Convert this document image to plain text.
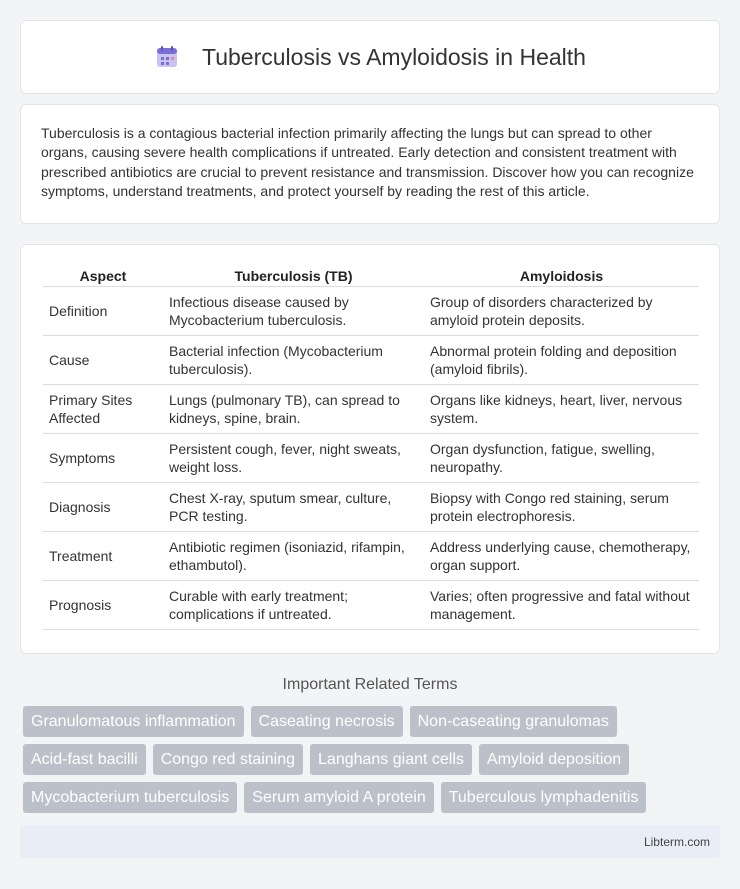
Tuberculosis vs Amyloidosis in Health

Tuberculosis is a contagious bacterial infection primarily affecting the lungs but can spread to other organs, causing severe health complications if untreated. Early detection and consistent treatment with prescribed antibiotics are crucial to prevent resistance and transmission. Discover how you can recognize symptoms, understand treatments, and protect yourself by reading the rest of this article.

Aspect	Tuberculosis (TB)	Amyloidosis
Definition	Infectious disease caused by Mycobacterium tuberculosis.	Group of disorders characterized by amyloid protein deposits.
Cause	Bacterial infection (Mycobacterium tuberculosis).	Abnormal protein folding and deposition (amyloid fibrils).
Primary Sites Affected	Lungs (pulmonary TB), can spread to kidneys, spine, brain.	Organs like kidneys, heart, liver, nervous system.
Symptoms	Persistent cough, fever, night sweats, weight loss.	Organ dysfunction, fatigue, swelling, neuropathy.
Diagnosis	Chest X-ray, sputum smear, culture, PCR testing.	Biopsy with Congo red staining, serum protein electrophoresis.
Treatment	Antibiotic regimen (isoniazid, rifampin, ethambutol).	Address underlying cause, chemotherapy, organ support.
Prognosis	Curable with early treatment; complications if untreated.	Varies; often progressive and fatal without management.
Important Related Terms
Granulomatous inflammation	Caseating necrosis	Non-caseating granulomas
Acid-fast bacilli	Congo red staining	Langhans giant cells	Amyloid deposition
Mycobacterium tuberculosis	Serum amyloid A protein	Tuberculous lymphadenitis
Libterm.com
